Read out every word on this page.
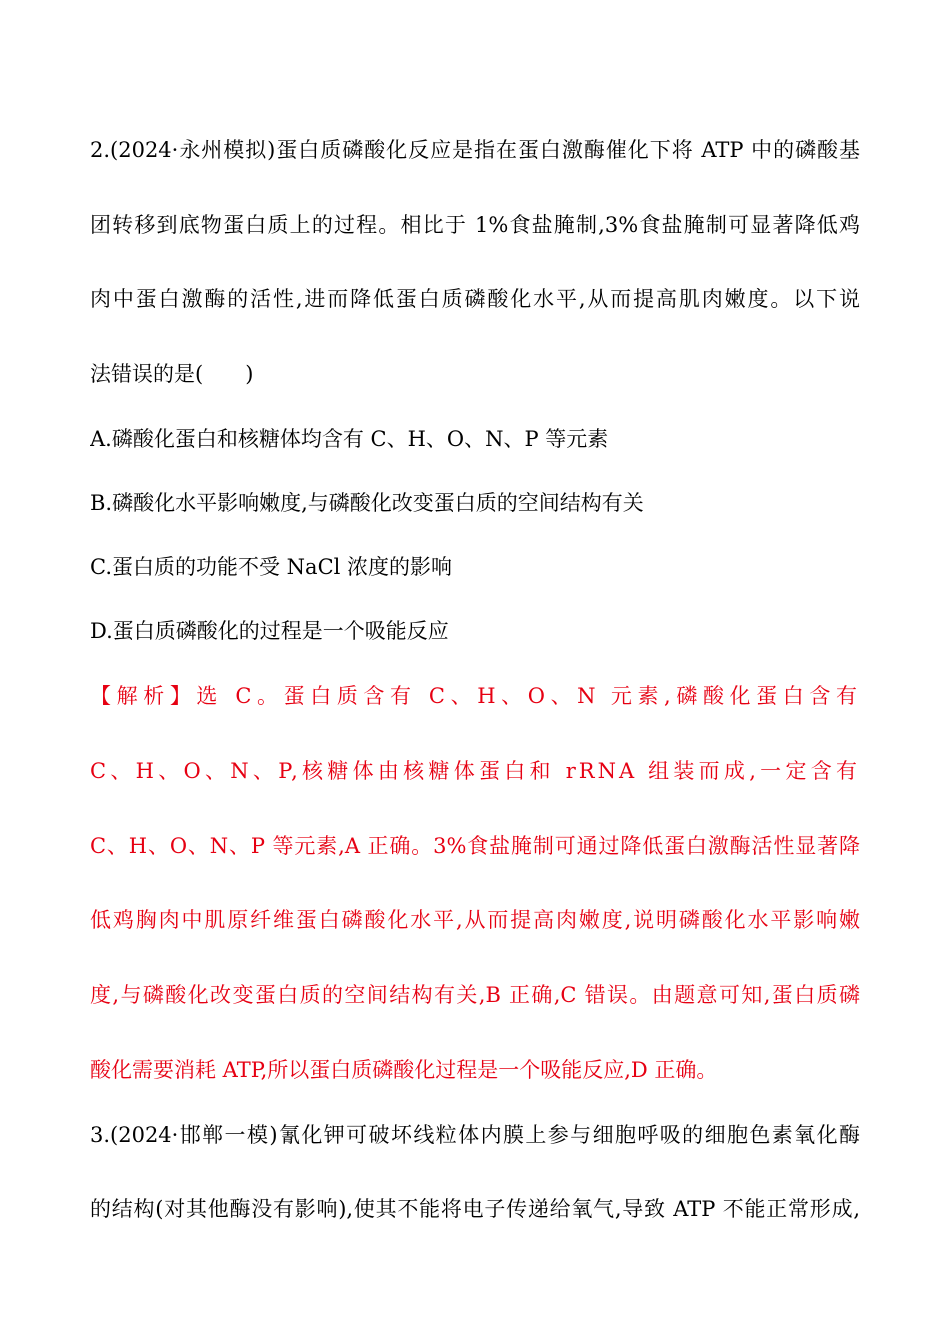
2.(2024·永州模拟)蛋白质磷酸化反应是指在蛋白激酶催化下将 ATP 中的磷酸基
团转移到底物蛋白质上的过程。相比于 1%食盐腌制,3%食盐腌制可显著降低鸡
肉中蛋白激酶的活性,进而降低蛋白质磷酸化水平,从而提高肌肉嫩度。以下说
法错误的是(　　)
A.磷酸化蛋白和核糖体均含有 C、H、O、N、P 等元素
B.磷酸化水平影响嫩度,与磷酸化改变蛋白质的空间结构有关
C.蛋白质的功能不受 NaCl 浓度的影响
D.蛋白质磷酸化的过程是一个吸能反应
【解析】选 C。蛋白质含有 C、H、O、N 元素,磷酸化蛋白含有
C、H、O、N、P,核糖体由核糖体蛋白和 rRNA 组装而成,一定含有
C、H、O、N、P 等元素,A 正确。3%食盐腌制可通过降低蛋白激酶活性显著降
低鸡胸肉中肌原纤维蛋白磷酸化水平,从而提高肉嫩度,说明磷酸化水平影响嫩
度,与磷酸化改变蛋白质的空间结构有关,B 正确,C 错误。由题意可知,蛋白质磷
酸化需要消耗 ATP,所以蛋白质磷酸化过程是一个吸能反应,D 正确。
3.(2024·邯郸一模)氰化钾可破坏线粒体内膜上参与细胞呼吸的细胞色素氧化酶
的结构(对其他酶没有影响),使其不能将电子传递给氧气,导致 ATP 不能正常形成,
